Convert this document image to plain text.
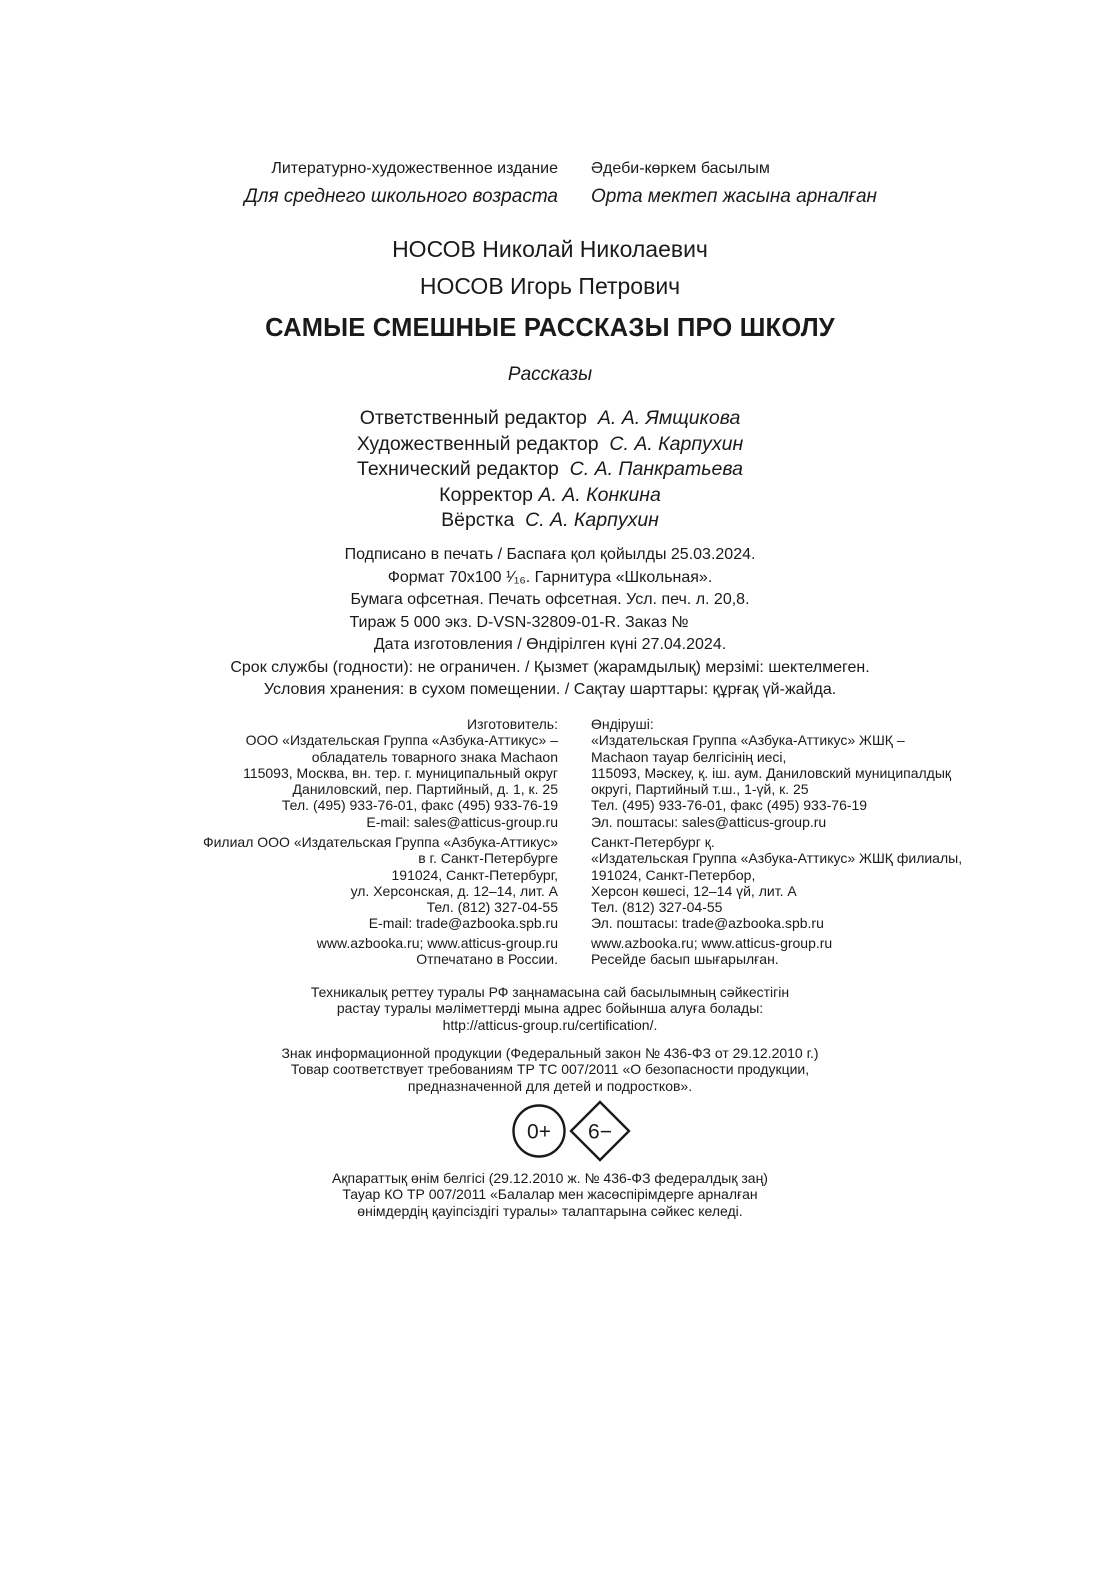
Литературно-художественное издание Әдеби-көркем басылым
Для среднего школьного возраста Орта мектеп жасына арналған
НОСОВ Николай Николаевич
НОСОВ Игорь Петрович
САМЫЕ СМЕШНЫЕ РАССКАЗЫ ПРО ШКОЛУ
Рассказы
Ответственный редактор А. А. Ямщикова
Художественный редактор С. А. Карпухин
Технический редактор С. А. Панкратьева
Корректор А. А. Конкина
Вёрстка С. А. Карпухин
Подписано в печать / Баспаға қол қойылды 25.03.2024.
Формат 70x100 ¹⁄₁₆. Гарнитура «Школьная».
Бумага офсетная. Печать офсетная. Усл. печ. л. 20,8.
Тираж 5 000 экз. D-VSN-32809-01-R. Заказ №
Дата изготовления / Өндірілген күні 27.04.2024.
Срок службы (годности): не ограничен. / Қызмет (жарамдылық) мерзімі: шектелмеген.
Условия хранения: в сухом помещении. / Сақтау шарттары: құрғақ үй-жайда.
Изготовитель:
ООО «Издательская Группа «Азбука-Аттикус» –
обладатель товарного знака Machaon
115093, Москва, вн. тер. г. муниципальный округ
Даниловский, пер. Партийный, д. 1, к. 25
Тел. (495) 933-76-01, факс (495) 933-76-19
E-mail: sales@atticus-group.ru
Өндіруші:
«Издательская Группа «Азбука-Аттикус» ЖШҚ –
Machaon тауар белгісінің иесі,
115093, Мәскеу, қ. іш. аум. Даниловский муниципалдық
округі, Партийный т.ш., 1-үй, к. 25
Тел. (495) 933-76-01, факс (495) 933-76-19
Эл. поштасы: sales@atticus-group.ru
Филиал ООО «Издательская Группа «Азбука-Аттикус»
в г. Санкт-Петербурге
191024, Санкт-Петербург,
ул. Херсонская, д. 12–14, лит. А
Тел. (812) 327-04-55
E-mail: trade@azbooka.spb.ru
Санкт-Петербург қ.
«Издательская Группа «Азбука-Аттикус» ЖШҚ филиалы,
191024, Санкт-Петербор,
Херсон көшесі, 12–14 үй, лит. А
Тел. (812) 327-04-55
Эл. поштасы: trade@azbooka.spb.ru
www.azbooka.ru; www.atticus-group.ru
Отпечатано в России.
www.azbooka.ru; www.atticus-group.ru
Ресейде басып шығарылған.
Техникалық реттеу туралы РФ заңнамасына сай басылымның сәйкестігін
растау туралы мәліметтерді мына адрес бойынша алуға болады:
http://atticus-group.ru/certification/.
Знак информационной продукции (Федеральный закон № 436-ФЗ от 29.12.2010 г.)
Товар соответствует требованиям ТР ТС 007/2011 «О безопасности продукции,
предназначенной для детей и подростков».
0+ 6−
Ақпараттық өнім белгісі (29.12.2010 ж. № 436-ФЗ федералдық заң)
Тауар КО ТР 007/2011 «Балалар мен жасөспірімдерге арналған
өнімдердің қауіпсіздігі туралы» талаптарына сәйкес келеді.
